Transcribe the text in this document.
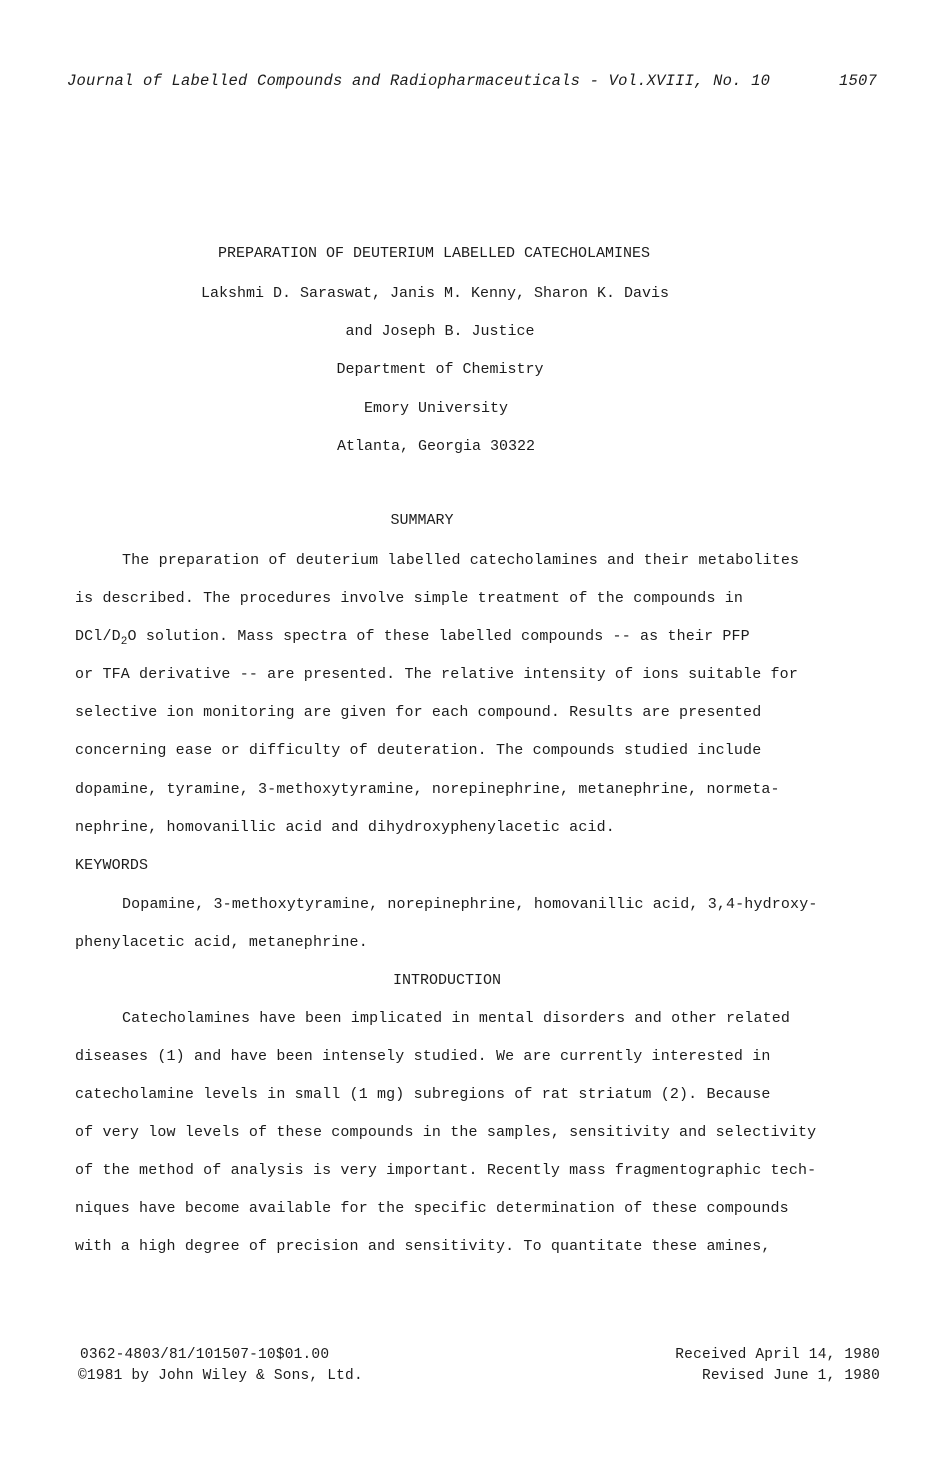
Journal of Labelled Compounds and Radiopharmaceuticals - Vol.XVIII, No. 10	1507
PREPARATION OF DEUTERIUM LABELLED CATECHOLAMINES
Lakshmi D. Saraswat, Janis M. Kenny, Sharon K. Davis
and Joseph B. Justice
Department of Chemistry
Emory University
Atlanta, Georgia 30322
SUMMARY
The preparation of deuterium labelled catecholamines and their metabolites
is described. The procedures involve simple treatment of the compounds in
DCl/$D_2O$ solution. Mass spectra of these labelled compounds -- as their PFP
or TFA derivative -- are presented. The relative intensity of ions suitable for
selective ion monitoring are given for each compound. Results are presented
concerning ease or difficulty of deuteration. The compounds studied include
dopamine, tyramine, 3-methoxytyramine, norepinephrine, metanephrine, normeta-
nephrine, homovanillic acid and dihydroxyphenylacetic acid.
KEYWORDS
Dopamine, 3-methoxytyramine, norepinephrine, homovanillic acid, 3,4-hydroxy-
phenylacetic acid, metanephrine.
INTRODUCTION
Catecholamines have been implicated in mental disorders and other related
diseases (1) and have been intensely studied. We are currently interested in
catecholamine levels in small (1 mg) subregions of rat striatum (2). Because
of very low levels of these compounds in the samples, sensitivity and selectivity
of the method of analysis is very important. Recently mass fragmentographic tech-
niques have become available for the specific determination of these compounds
with a high degree of precision and sensitivity. To quantitate these amines,
0362-4803/81/101507-10$01.00
©1981 by John Wiley & Sons, Ltd.
Received April 14, 1980
Revised June 1, 1980
